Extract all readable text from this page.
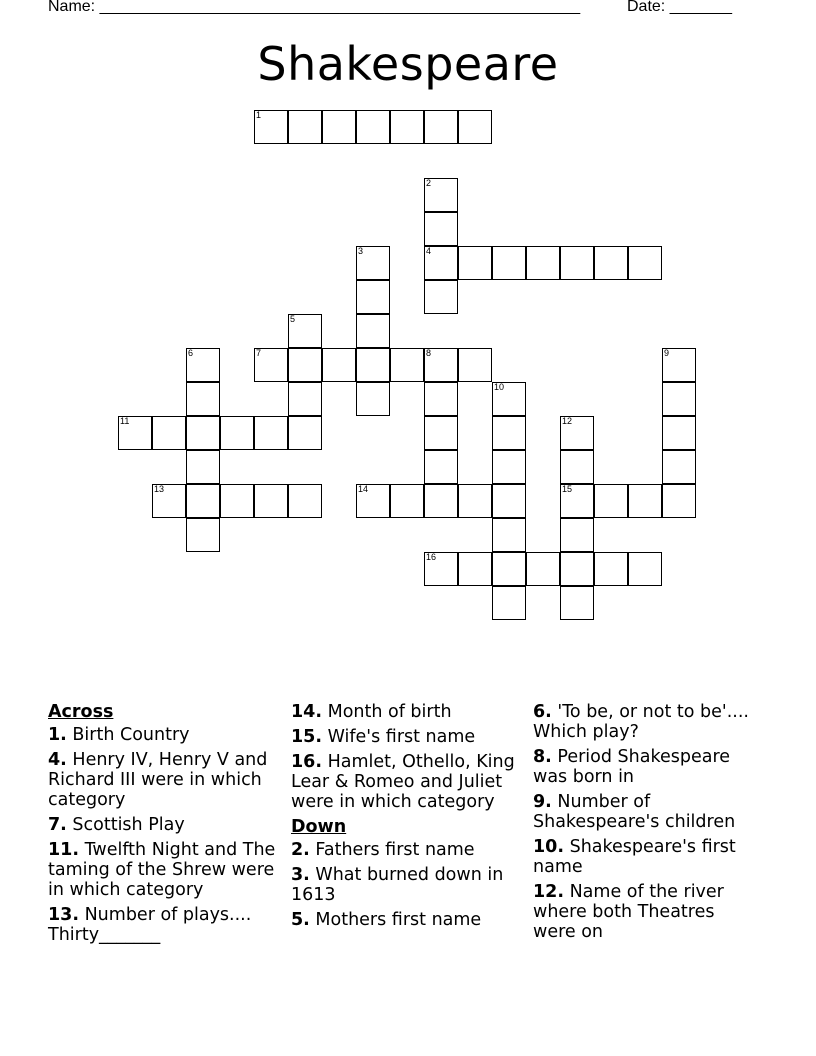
Name: ______________________________________________________	Date: _______
Shakespeare
1
2
4
3
5
6	7	8	9
10
11	12
15
13	14
16
Across
1. Birth Country
4. Henry IV, Henry V and Richard III were in which category
7. Scottish Play
11. Twelfth Night and The taming of the Shrew were in which category
13. Number of plays.... Thirty_______
14. Month of birth
15. Wife's first name
16. Hamlet, Othello, King Lear & Romeo and Juliet were in which category
Down
2. Fathers first name
3. What burned down in 1613
5. Mothers first name
6. 'To be, or not to be'.... Which play?
8. Period Shakespeare was born in
9. Number of Shakespeare's children
10. Shakespeare's first name
12. Name of the river where both Theatres were on
